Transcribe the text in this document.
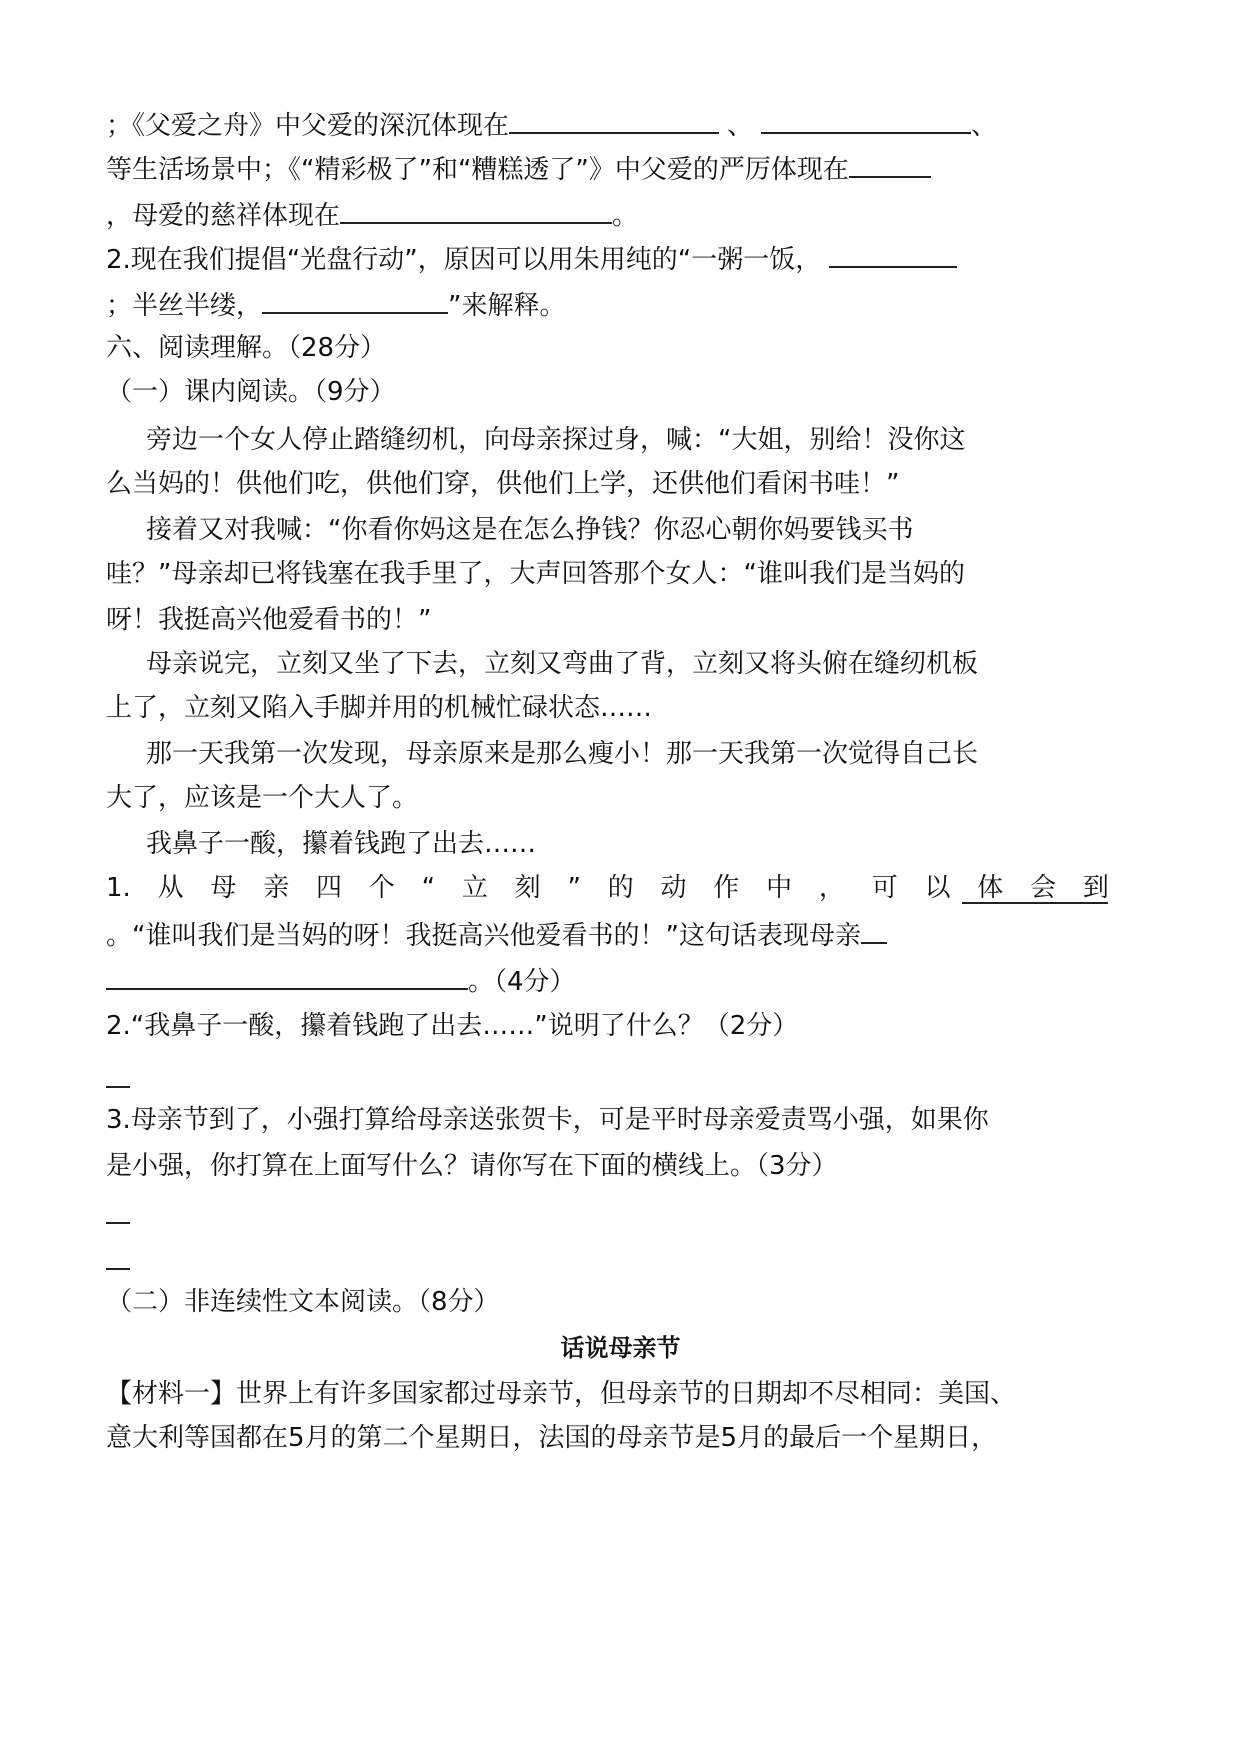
；《父爱之舟》中父爱的深沉体现在	、	、
等生活场景中；《“精彩极了”和“糟糕透了”》中父爱的严厉体现在
，母爱的慈祥体现在	。
2.现在我们提倡“光盘行动”，原因可以用朱用纯的“一粥一饭，
；半丝半缕，	”来解释。
六、阅读理解。（28分）
（一）课内阅读。（9分）
旁边一个女人停止踏缝纫机，向母亲探过身，喊：“大姐，别给！没你这
么当妈的！供他们吃，供他们穿，供他们上学，还供他们看闲书哇！”
接着又对我喊：“你看你妈这是在怎么挣钱？你忍心朝你妈要钱买书
哇？”母亲却已将钱塞在我手里了，大声回答那个女人：“谁叫我们是当妈的
呀！我挺高兴他爱看书的！”
母亲说完，立刻又坐了下去，立刻又弯曲了背，立刻又将头俯在缝纫机板
上了，立刻又陷入手脚并用的机械忙碌状态……
那一天我第一次发现，母亲原来是那么瘦小！那一天我第一次觉得自己长
大了，应该是一个大人了。
我鼻子一酸，攥着钱跑了出去……
1. 从 母 亲 四 个 “ 立 刻 ” 的 动 作 中 ， 可 以 体 会 到
。“谁叫我们是当妈的呀！我挺高兴他爱看书的！”这句话表现母亲
。（4分）
2.“我鼻子一酸，攥着钱跑了出去……”说明了什么？（2分）
3.母亲节到了，小强打算给母亲送张贺卡，可是平时母亲爱责骂小强，如果你
是小强，你打算在上面写什么？请你写在下面的横线上。（3分）
（二）非连续性文本阅读。（8分）
话说母亲节
【材料一】世界上有许多国家都过母亲节，但母亲节的日期却不尽相同：美国、
意大利等国都在5月的第二个星期日，法国的母亲节是5月的最后一个星期日，
